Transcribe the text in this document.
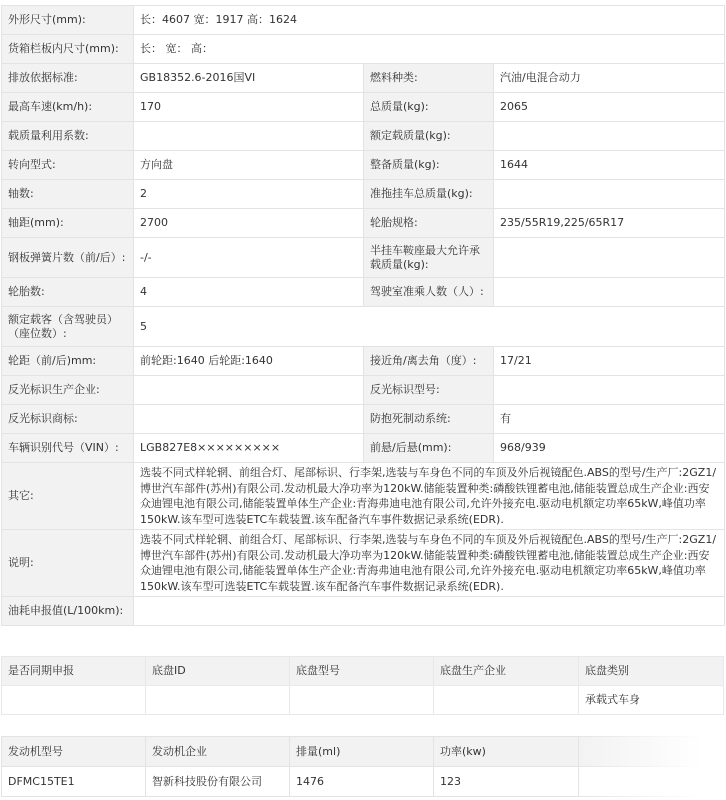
外形尺寸(mm):	长：4607 宽：1917 高：1624		
货箱栏板内尺寸(mm):	长： 宽： 高：		
排放依据标准:	GB18352.6-2016国VI	燃料种类:	汽油/电混合动力
最高车速(km/h):	170	总质量(kg):	2065
载质量利用系数:		额定载质量(kg):	
转向型式:	方向盘	整备质量(kg):	1644
轴数:	2	准拖挂车总质量(kg):	
轴距(mm):	2700	轮胎规格:	235/55R19,225/65R17
钢板弹簧片数（前/后）:	-/-	半挂车鞍座最大允许承载质量(kg):	
轮胎数:	4	驾驶室准乘人数（人）:	
额定载客（含驾驶员）（座位数）:	5		
轮距（前/后)mm:	前轮距:1640 后轮距:1640	接近角/离去角（度）:	17/21
反光标识生产企业:		反光标识型号:	
反光标识商标:		防抱死制动系统:	有
车辆识别代号（VIN）:	LGB827E8×××××××××	前悬/后悬(mm):	968/939
其它:	选装不同式样轮辋、前组合灯、尾部标识、行李架,选装与车身色不同的车顶及外后视镜配色.ABS的型号/生产厂:2GZ1/博世汽车部件(苏州)有限公司.发动机最大净功率为120kW.储能装置种类:磷酸铁锂蓄电池,储能装置总成生产企业:西安众迪锂电池有限公司,储能装置单体生产企业:青海弗迪电池有限公司,允许外接充电.驱动电机额定功率65kW,峰值功率150kW.该车型可选装ETC车载装置.该车配备汽车事件数据记录系统(EDR).		
说明:	选装不同式样轮辋、前组合灯、尾部标识、行李架,选装与车身色不同的车顶及外后视镜配色.ABS的型号/生产厂:2GZ1/博世汽车部件(苏州)有限公司.发动机最大净功率为120kW.储能装置种类:磷酸铁锂蓄电池,储能装置总成生产企业:西安众迪锂电池有限公司,储能装置单体生产企业:青海弗迪电池有限公司,允许外接充电.驱动电机额定功率65kW,峰值功率150kW.该车型可选装ETC车载装置.该车配备汽车事件数据记录系统(EDR).		
油耗申报值(L/100km):			
是否同期申报	底盘ID	底盘型号	底盘生产企业	底盘类别
				承载式车身
发动机型号	发动机企业	排量(ml)	功率(kw)	
DFMC15TE1	智新科技股份有限公司	1476	123	
